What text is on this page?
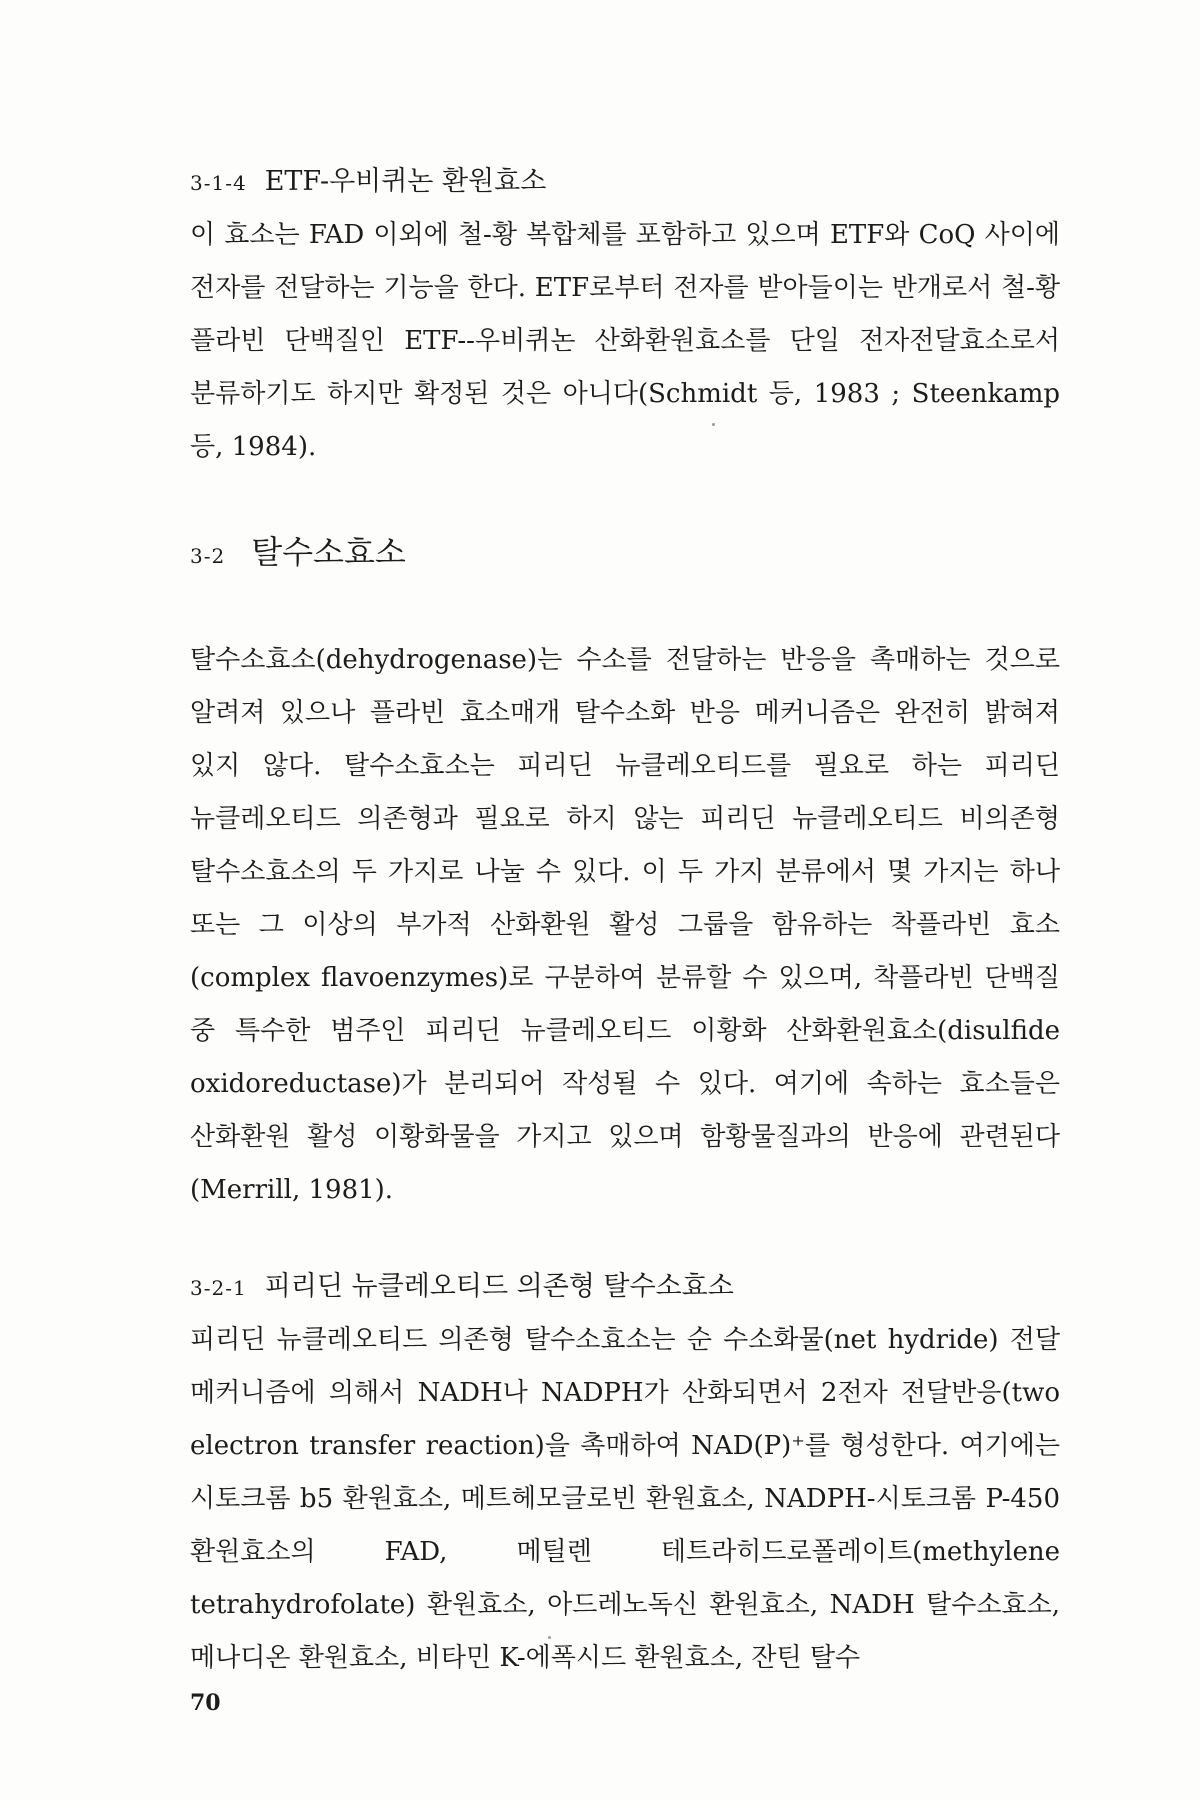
3-1-4 ETF-우비퀴논 환원효소

이 효소는 FAD 이외에 철-황 복합체를 포함하고 있으며 ETF와 CoQ 사이에 전자를 전달하는 기능을 한다. ETF로부터 전자를 받아들이는 반개로서 철-황 플라빈 단백질인 ETF--우비퀴논 산화환원효소를 단일 전자전달효소로서 분류하기도 하지만 확정된 것은 아니다(Schmidt 등, 1983 ; Steenkamp 등, 1984).

3-2 탈수소효소

탈수소효소(dehydrogenase)는 수소를 전달하는 반응을 촉매하는 것으로 알려져 있으나 플라빈 효소매개 탈수소화 반응 메커니즘은 완전히 밝혀져 있지 않다. 탈수소효소는 피리딘 뉴클레오티드를 필요로 하는 피리딘 뉴클레오티드 의존형과 필요로 하지 않는 피리딘 뉴클레오티드 비의존형 탈수소효소의 두 가지로 나눌 수 있다. 이 두 가지 분류에서 몇 가지는 하나 또는 그 이상의 부가적 산화환원 활성 그룹을 함유하는 착플라빈 효소(complex flavoenzymes)로 구분하여 분류할 수 있으며, 착플라빈 단백질 중 특수한 범주인 피리딘 뉴클레오티드 이황화 산화환원효소(disulfide oxidoreductase)가 분리되어 작성될 수 있다. 여기에 속하는 효소들은 산화환원 활성 이황화물을 가지고 있으며 함황물질과의 반응에 관련된다(Merrill, 1981).

3-2-1 피리딘 뉴클레오티드 의존형 탈수소효소

피리딘 뉴클레오티드 의존형 탈수소효소는 순 수소화물(net hydride) 전달 메커니즘에 의해서 NADH나 NADPH가 산화되면서 2전자 전달반응(two electron transfer reaction)을 촉매하여 NAD(P)⁺를 형성한다. 여기에는 시토크롬 b5 환원효소, 메트헤모글로빈 환원효소, NADPH-시토크롬 P-450 환원효소의 FAD, 메틸렌 테트라히드로폴레이트(methylene tetrahydrofolate) 환원효소, 아드레노독신 환원효소, NADH 탈수소효소, 메나디온 환원효소, 비타민 K-에폭시드 환원효소, 잔틴 탈수

70
